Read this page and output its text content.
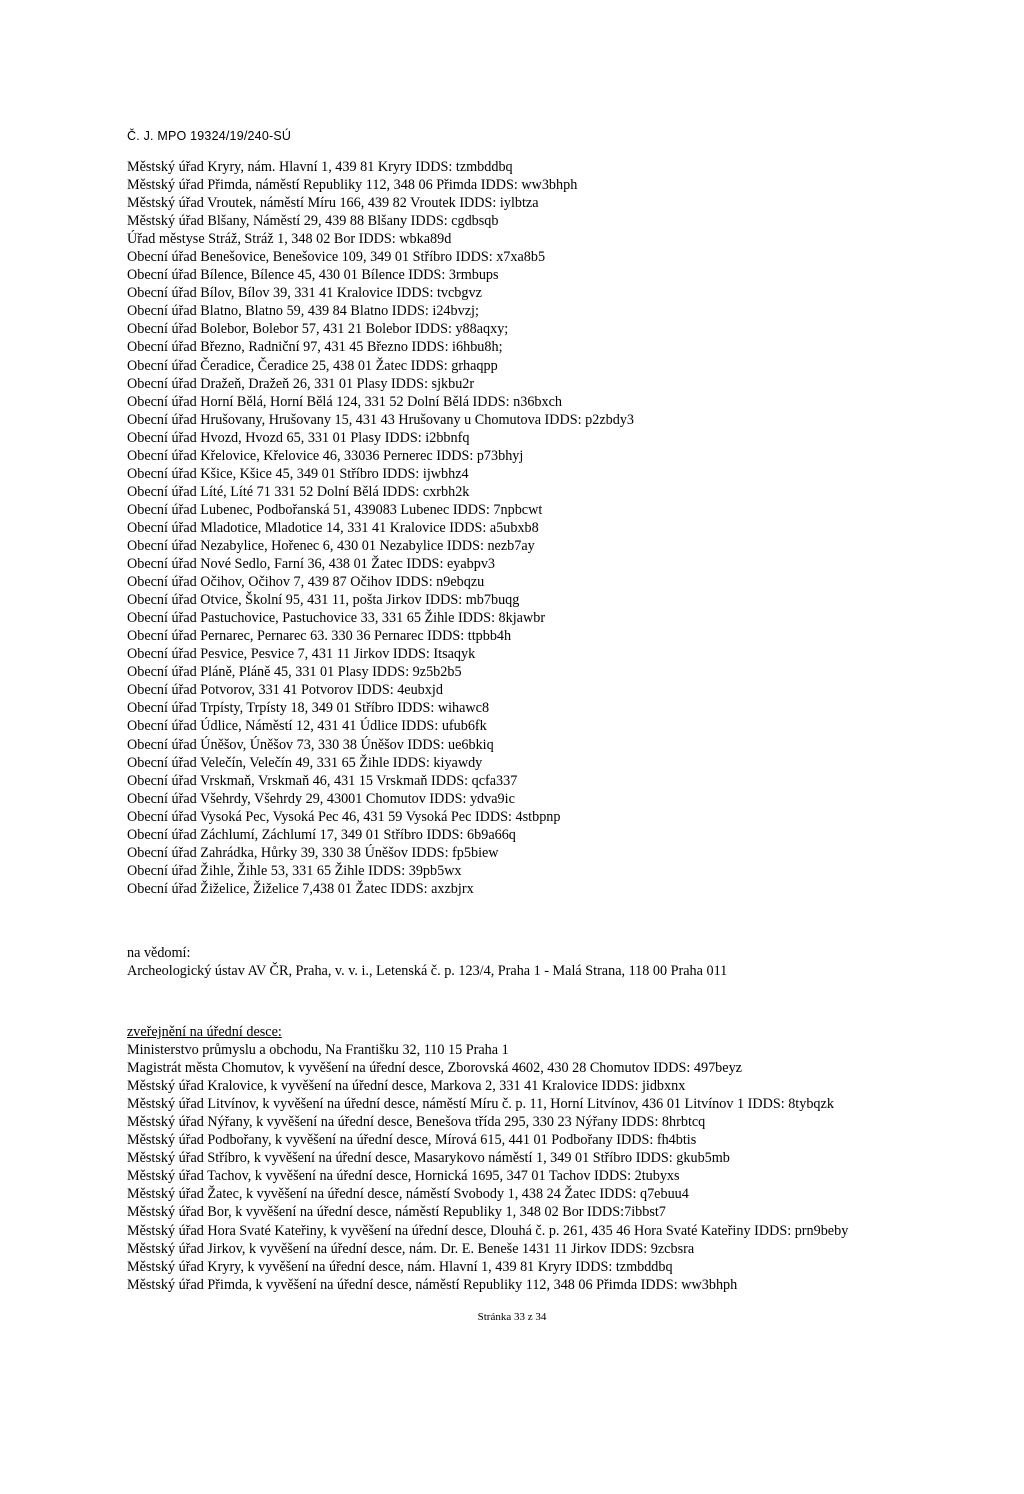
Č. J. MPO 19324/19/240-SÚ
Městský úřad Kryry, nám. Hlavní 1, 439 81 Kryry IDDS: tzmbddbq
Městský úřad Přimda, náměstí Republiky 112, 348 06 Přimda IDDS: ww3bhph
Městský úřad Vroutek, náměstí Míru 166, 439 82 Vroutek IDDS: iylbtza
Městský úřad Blšany, Náměstí 29, 439 88 Blšany IDDS: cgdbsqb
Úřad městyse Stráž, Stráž 1, 348 02 Bor IDDS: wbka89d
Obecní úřad Benešovice, Benešovice 109, 349 01 Stříbro IDDS: x7xa8b5
Obecní úřad Bílence, Bílence 45, 430 01 Bílence IDDS: 3rmbups
Obecní úřad Bílov, Bílov 39, 331 41 Kralovice IDDS: tvcbgvz
Obecní úřad Blatno, Blatno 59, 439 84 Blatno IDDS: i24bvzj;
Obecní úřad Bolebor, Bolebor 57, 431 21 Bolebor IDDS: y88aqxy;
Obecní úřad Březno, Radniční 97, 431 45 Březno IDDS: i6hbu8h;
Obecní úřad Čeradice, Čeradice 25, 438 01 Žatec IDDS: grhaqpp
Obecní úřad Dražeň, Dražeň 26, 331 01 Plasy IDDS: sjkbu2r
Obecní úřad Horní Bělá, Horní Bělá 124, 331 52 Dolní Bělá IDDS: n36bxch
Obecní úřad Hrušovany, Hrušovany 15, 431 43 Hrušovany u Chomutova IDDS: p2zbdy3
Obecní úřad Hvozd, Hvozd 65, 331 01 Plasy IDDS: i2bbnfq
Obecní úřad Křelovice, Křelovice 46, 33036 Pernerec IDDS: p73bhyj
Obecní úřad Kšice, Kšice 45, 349 01 Stříbro IDDS: ijwbhz4
Obecní úřad Líté, Líté 71 331 52 Dolní Bělá IDDS: cxrbh2k
Obecní úřad Lubenec, Podbořanská 51, 439083 Lubenec IDDS: 7npbcwt
Obecní úřad Mladotice, Mladotice 14, 331 41 Kralovice IDDS: a5ubxb8
Obecní úřad Nezabylice, Hořenec 6, 430 01 Nezabylice IDDS: nezb7ay
Obecní úřad Nové Sedlo, Farní 36, 438 01 Žatec IDDS: eyabpv3
Obecní úřad Očihov, Očihov 7, 439 87 Očihov IDDS: n9ebqzu
Obecní úřad Otvice, Školní 95, 431 11, pošta Jirkov IDDS: mb7buqg
Obecní úřad Pastuchovice, Pastuchovice 33, 331 65 Žihle IDDS: 8kjawbr
Obecní úřad Pernarec, Pernarec 63. 330 36 Pernarec IDDS: ttpbb4h
Obecní úřad Pesvice, Pesvice 7, 431 11 Jirkov IDDS: Itsaqyk
Obecní úřad Pláně, Pláně 45, 331 01 Plasy IDDS: 9z5b2b5
Obecní úřad Potvorov, 331 41 Potvorov IDDS: 4eubxjd
Obecní úřad Trpísty, Trpísty 18, 349 01 Stříbro IDDS: wihawc8
Obecní úřad Údlice, Náměstí 12, 431 41 Údlice IDDS: ufub6fk
Obecní úřad Úněšov, Úněšov 73, 330 38 Úněšov IDDS: ue6bkiq
Obecní úřad Velečín, Velečín 49, 331 65 Žihle IDDS: kiyawdy
Obecní úřad Vrskmaň, Vrskmaň 46, 431 15 Vrskmaň IDDS: qcfa337
Obecní úřad Všehrdy, Všehrdy 29, 43001 Chomutov IDDS: ydva9ic
Obecní úřad Vysoká Pec, Vysoká Pec 46, 431 59 Vysoká Pec IDDS: 4stbpnp
Obecní úřad Záchlumí, Záchlumí 17, 349 01 Stříbro IDDS: 6b9a66q
Obecní úřad Zahrádka, Hůrky 39, 330 38 Úněšov IDDS: fp5biew
Obecní úřad Žihle, Žihle 53, 331 65 Žihle IDDS: 39pb5wx
Obecní úřad Žiželice, Žiželice 7,438 01 Žatec IDDS: axzbjrx
na vědomí:
Archeologický ústav AV ČR, Praha, v. v. i., Letenská č. p. 123/4, Praha 1 - Malá Strana, 118 00 Praha 011
zveřejnění na úřední desce:
Ministerstvo průmyslu a obchodu, Na Františku 32, 110 15 Praha 1
Magistrát města Chomutov, k vyvěšení na úřední desce, Zborovská 4602, 430 28 Chomutov IDDS: 497beyz
Městský úřad Kralovice, k vyvěšení na úřední desce, Markova 2, 331 41 Kralovice IDDS: jidbxnx
Městský úřad Litvínov, k vyvěšení na úřední desce, náměstí Míru č. p. 11, Horní Litvínov, 436 01 Litvínov 1 IDDS: 8tybqzk
Městský úřad Nýřany, k vyvěšení na úřední desce, Benešova třída 295, 330 23 Nýřany IDDS: 8hrbtcq
Městský úřad Podbořany, k vyvěšení na úřední desce, Mírová 615, 441 01 Podbořany IDDS: fh4btis
Městský úřad Stříbro, k vyvěšení na úřední desce, Masarykovo náměstí 1, 349 01 Stříbro IDDS: gkub5mb
Městský úřad Tachov, k vyvěšení na úřední desce, Hornická 1695, 347 01 Tachov IDDS: 2tubyxs
Městský úřad Žatec, k vyvěšení na úřední desce, náměstí Svobody 1, 438 24 Žatec IDDS: q7ebuu4
Městský úřad Bor, k vyvěšení na úřední desce, náměstí Republiky 1, 348 02 Bor IDDS:7ibbst7
Městský úřad Hora Svaté Kateřiny, k vyvěšení na úřední desce, Dlouhá č. p. 261, 435 46 Hora Svaté Kateřiny IDDS: prn9beby
Městský úřad Jirkov, k vyvěšení na úřední desce, nám. Dr. E. Beneše 1431 11 Jirkov IDDS: 9zcbsra
Městský úřad Kryry, k vyvěšení na úřední desce, nám. Hlavní 1, 439 81 Kryry IDDS: tzmbddbq
Městský úřad Přimda, k vyvěšení na úřední desce, náměstí Republiky 112, 348 06 Přimda IDDS: ww3bhph
Stránka 33 z 34
